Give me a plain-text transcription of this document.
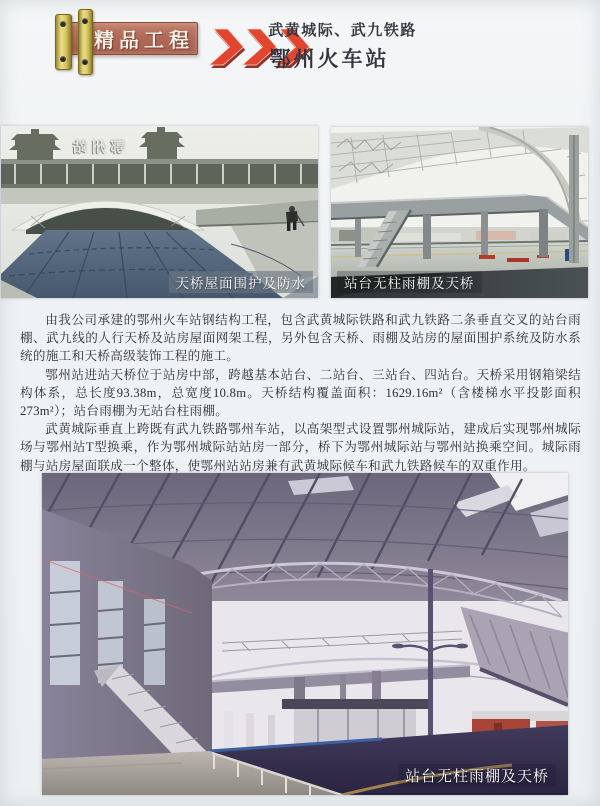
精品工程	武黄城际、武九铁路
鄂州火车站
鄂州站
天桥屋面围护及防水	站台无柱雨棚及天桥

由我公司承建的鄂州火车站钢结构工程，包含武黄城际铁路和武九铁路二条垂直交叉的站台雨棚、武九线的人行天桥及站房屋面网架工程，另外包含天桥、雨棚及站房的屋面围护系统及防水系统的施工和天桥高级装饰工程的施工。

鄂州站进站天桥位于站房中部，跨越基本站台、二站台、三站台、四站台。天桥采用钢箱梁结构体系，总长度93.38m，总宽度10.8m。天桥结构覆盖面积：1629.16m²（含楼梯水平投影面积273m²）；站台雨棚为无站台柱雨棚。

武黄城际垂直上跨既有武九铁路鄂州车站，以高架型式设置鄂州城际站，建成后实现鄂州城际场与鄂州站T型换乘，作为鄂州城际站站房一部分，桥下为鄂州城际站与鄂州站换乘空间。城际雨棚与站房屋面联成一个整体，使鄂州站站房兼有武黄城际候车和武九铁路候车的双重作用。

站台无柱雨棚及天桥
